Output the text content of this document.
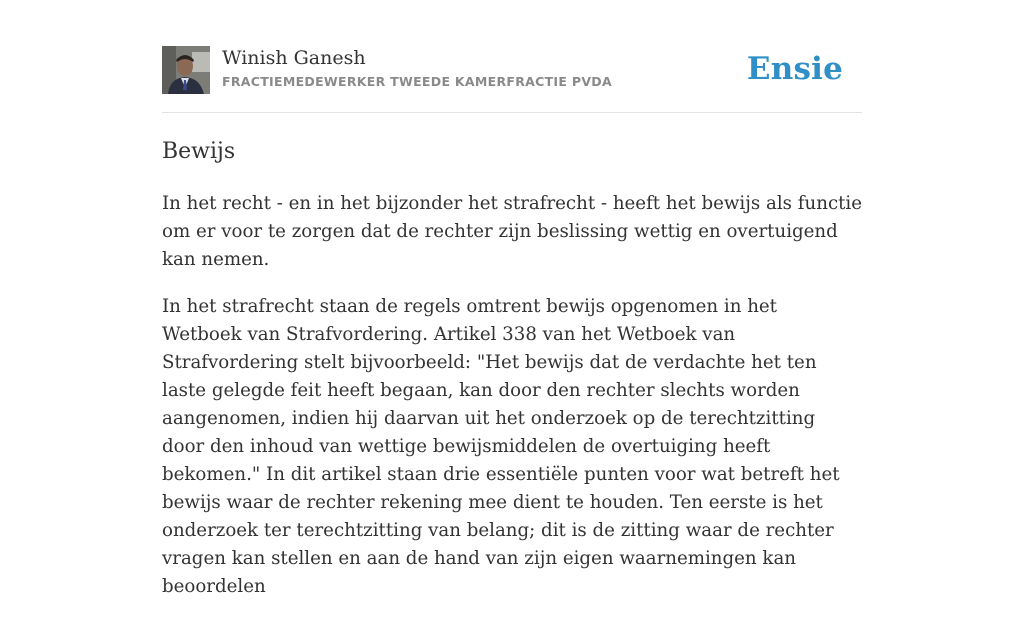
Winish Ganesh
FRACTIEMEDEWERKER TWEEDE KAMERFRACTIE PVDA	Ensie
Bewijs

In het recht - en in het bijzonder het strafrecht - heeft het bewijs als functie om er voor te zorgen dat de rechter zijn beslissing wettig en overtuigend kan nemen.

In het strafrecht staan de regels omtrent bewijs opgenomen in het Wetboek van Strafvordering. Artikel 338 van het Wetboek van Strafvordering stelt bijvoorbeeld: "Het bewijs dat de verdachte het ten laste gelegde feit heeft begaan, kan door den rechter slechts worden aangenomen, indien hij daarvan uit het onderzoek op de terechtzitting door den inhoud van wettige bewijsmiddelen de overtuiging heeft bekomen." In dit artikel staan drie essentiële punten voor wat betreft het bewijs waar de rechter rekening mee dient te houden. Ten eerste is het onderzoek ter terechtzitting van belang; dit is de zitting waar de rechter vragen kan stellen en aan de hand van zijn eigen waarnemingen kan beoordelen
